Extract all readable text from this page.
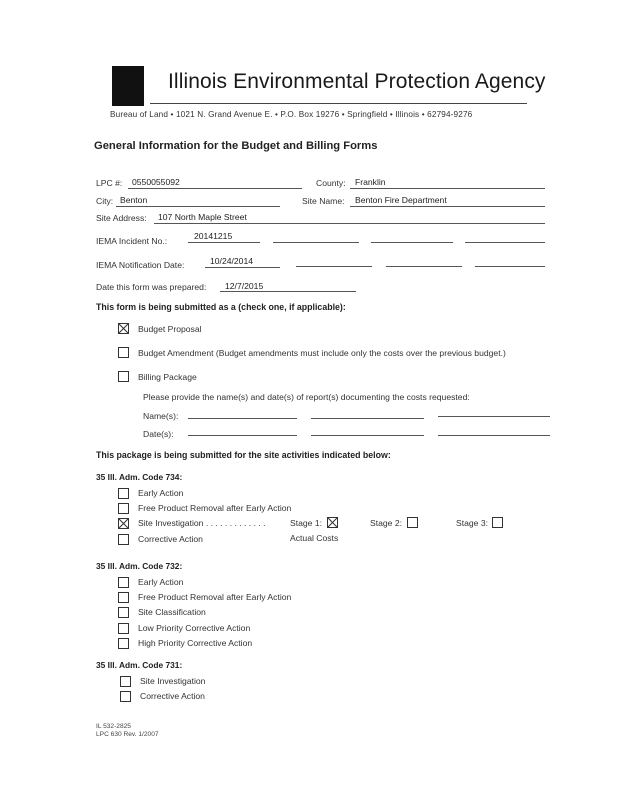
Illinois Environmental Protection Agency
Bureau of Land • 1021 N. Grand Avenue E. • P.O. Box 19276 • Springfield • Illinois • 62794-9276
General Information for the Budget and Billing Forms
LPC #: 0550055092	County: Franklin
City: Benton	Site Name: Benton Fire Department
Site Address: 107 North Maple Street
IEMA Incident No.:	20141215
IEMA Notification Date:	10/24/2014
Date this form was prepared: 12/7/2015
This form is being submitted as a (check one, if applicable):
Budget Proposal
Budget Amendment (Budget amendments must include only the costs over the previous budget.)
Billing Package
Please provide the name(s) and date(s) of report(s) documenting the costs requested:
Name(s):
Date(s):
This package is being submitted for the site activities indicated below:
35 Ill. Adm. Code 734:
Early Action
Free Product Removal after Early Action
Site Investigation . . . . . . . . . . . . .	Stage 1:	Stage 2:	Stage 3:
Corrective Action	Actual Costs
35 Ill. Adm. Code 732:
Early Action
Free Product Removal after Early Action
Site Classification
Low Priority Corrective Action
High Priority Corrective Action
35 Ill. Adm. Code 731:
Site Investigation
Corrective Action
IL 532-2825
LPC 630 Rev. 1/2007
